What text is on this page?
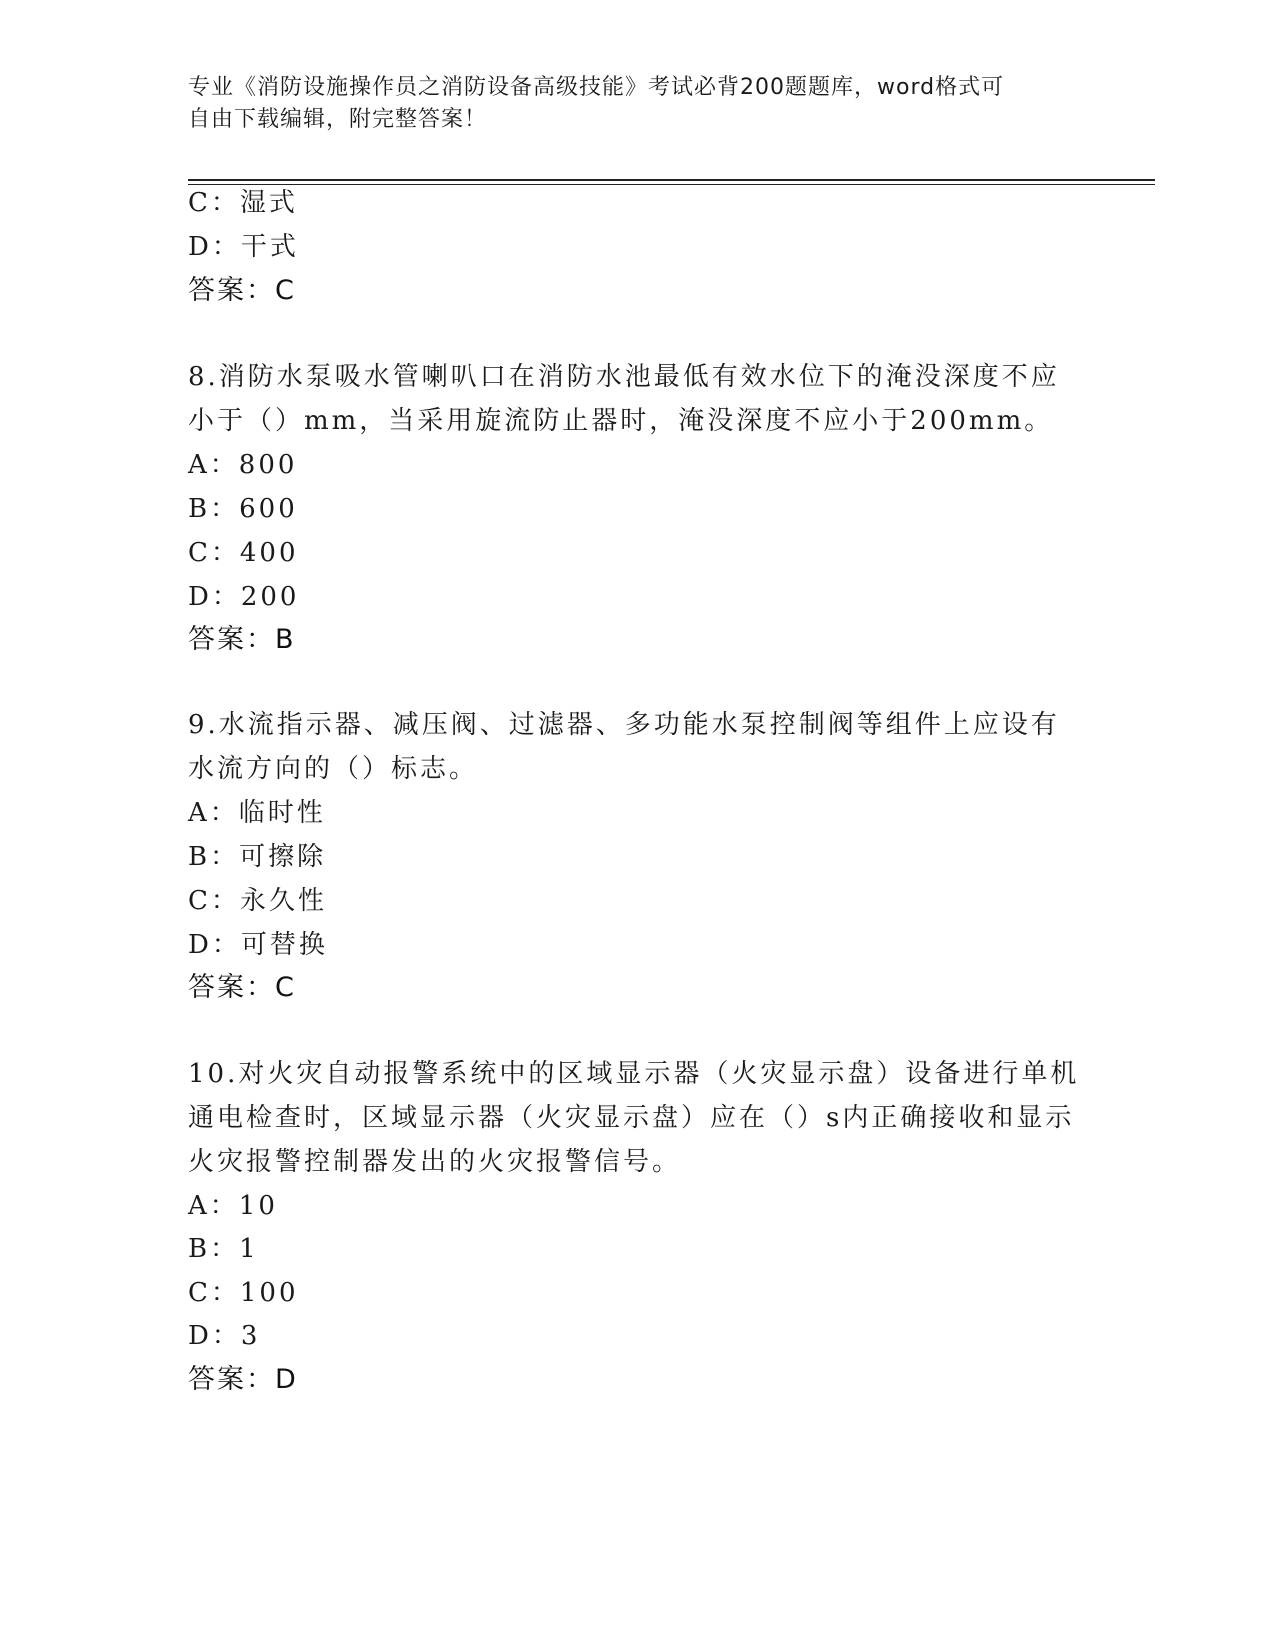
专业《消防设施操作员之消防设备高级技能》考试必背200题题库，word格式可
自由下载编辑，附完整答案！
C：湿式
D：干式
答案：C
8.消防水泵吸水管喇叭口在消防水池最低有效水位下的淹没深度不应
小于（）mm，当采用旋流防止器时，淹没深度不应小于200mm。
A：800
B：600
C：400
D：200
答案：B
9.水流指示器、减压阀、过滤器、多功能水泵控制阀等组件上应设有
水流方向的（）标志。
A：临时性
B：可擦除
C：永久性
D：可替换
答案：C
10.对火灾自动报警系统中的区域显示器（火灾显示盘）设备进行单机
通电检查时，区域显示器（火灾显示盘）应在（）s内正确接收和显示
火灾报警控制器发出的火灾报警信号。
A：10
B：1
C：100
D：3
答案：D
